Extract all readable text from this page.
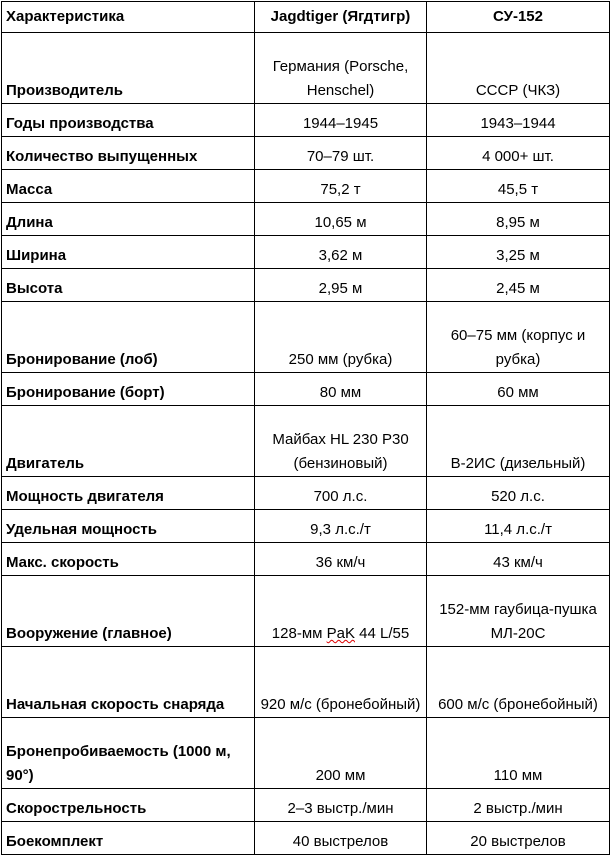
Характеристика	Jagdtiger (Ягдтигр)	СУ-152
Производитель	Германия (Porsche, Henschel)	СССР (ЧКЗ)
Годы производства	1944–1945	1943–1944
Количество выпущенных	70–79 шт.	4 000+ шт.
Масса	75,2 т	45,5 т
Длина	10,65 м	8,95 м
Ширина	3,62 м	3,25 м
Высота	2,95 м	2,45 м
Бронирование (лоб)	250 мм (рубка)	60–75 мм (корпус и рубка)
Бронирование (борт)	80 мм	60 мм
Двигатель	Майбах HL 230 P30 (бензиновый)	В-2ИС (дизельный)
Мощность двигателя	700 л.с.	520 л.с.
Удельная мощность	9,3 л.с./т	11,4 л.с./т
Макс. скорость	36 км/ч	43 км/ч
Вооружение (главное)	128-мм PaK 44 L/55	152-мм гаубица-пушка МЛ-20С
Начальная скорость снаряда	920 м/с (бронебойный)	600 м/с (бронебойный)
Бронепробиваемость (1000 м, 90°)	200 мм	110 мм
Скорострельность	2–3 выстр./мин	2 выстр./мин
Боекомплект	40 выстрелов	20 выстрелов
